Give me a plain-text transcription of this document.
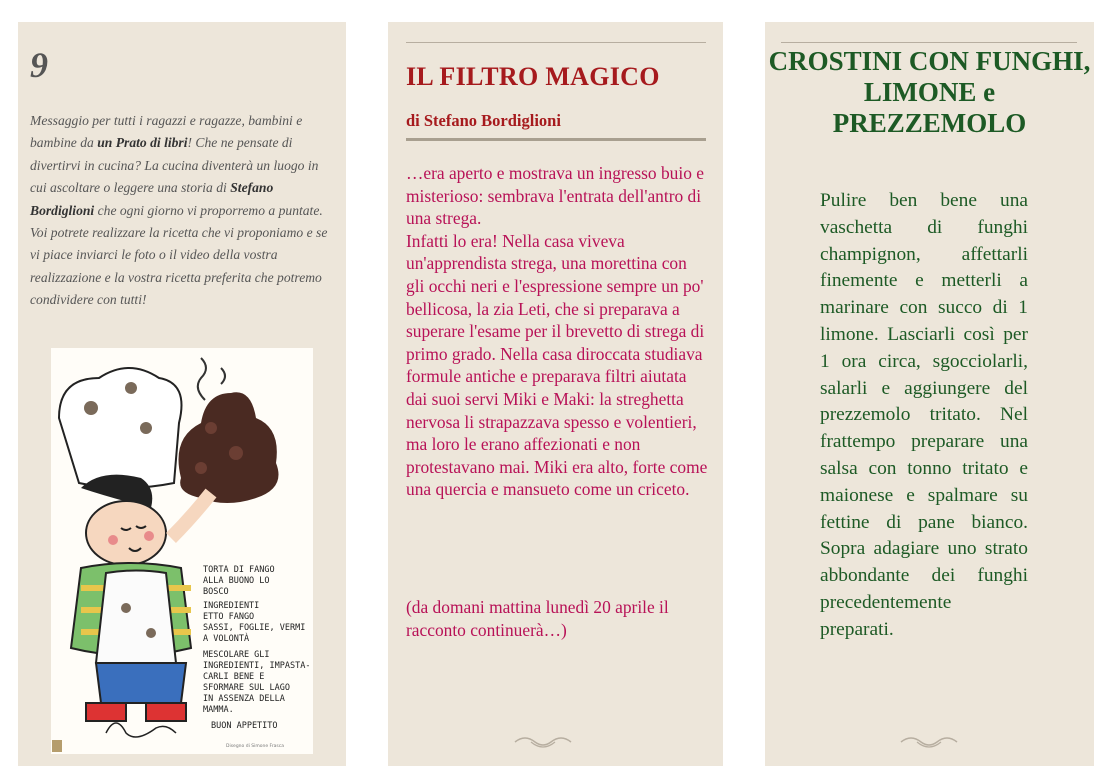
9
Messaggio per tutti i ragazzi e ragazze, bambini e bambine da un Prato di libri! Che ne pensate di divertirvi in cucina? La cucina diventerà un luogo in cui ascoltare o leggere una storia di Stefano Bordiglioni che ogni giorno vi proporremo a puntate. Voi potrete realizzare la ricetta che vi proponiamo e se vi piace inviarci le foto o il video della vostra realizzazione e la vostra ricetta preferita che potremo condividere con tutti!
TORTA DI FANGO
ALLA BUONO LO
BOSCO
INGREDIENTI
ETTO FANGO
SASSI, FOGLIE, VERMI
A VOLONTÀ
MESCOLARE GLI
INGREDIENTI, IMPASTA-
CARLI BENE E
SFORMARE SUL LAGO
IN ASSENZA DELLA
MAMMA.
BUON APPETITO
Disegno di Simone Frasca
IL FILTRO MAGICO
di Stefano Bordiglioni
…era aperto e mostrava un ingresso buio e misterioso: sembrava l'entrata dell'antro di una strega.
Infatti lo era! Nella casa viveva un'apprendista strega, una morettina con gli occhi neri e l'espressione sempre un po' bellicosa, la zia Leti, che si preparava a superare l'esame per il brevetto di strega di primo grado. Nella casa diroccata studiava formule antiche e preparava filtri aiutata dai suoi servi Miki e Maki: la streghetta nervosa li strapazzava spesso e volentieri, ma loro le erano affezionati e non protestavano mai. Miki era alto, forte come una quercia e mansueto come un criceto.
(da domani mattina lunedì 20 aprile il racconto continuerà…)
CROSTINI CON FUNGHI, LIMONE e PREZZEMOLO
Pulire ben bene una vaschetta di funghi champignon, affettarli finemente e metterli a marinare con succo di 1 limone. Lasciarli così per 1 ora circa, sgocciolarli, salarli e aggiungere del prezzemolo tritato. Nel frattempo preparare una salsa con tonno tritato e maionese e spalmare su fettine di pane bianco. Sopra adagiare uno strato abbondante dei funghi precedentemente preparati.
